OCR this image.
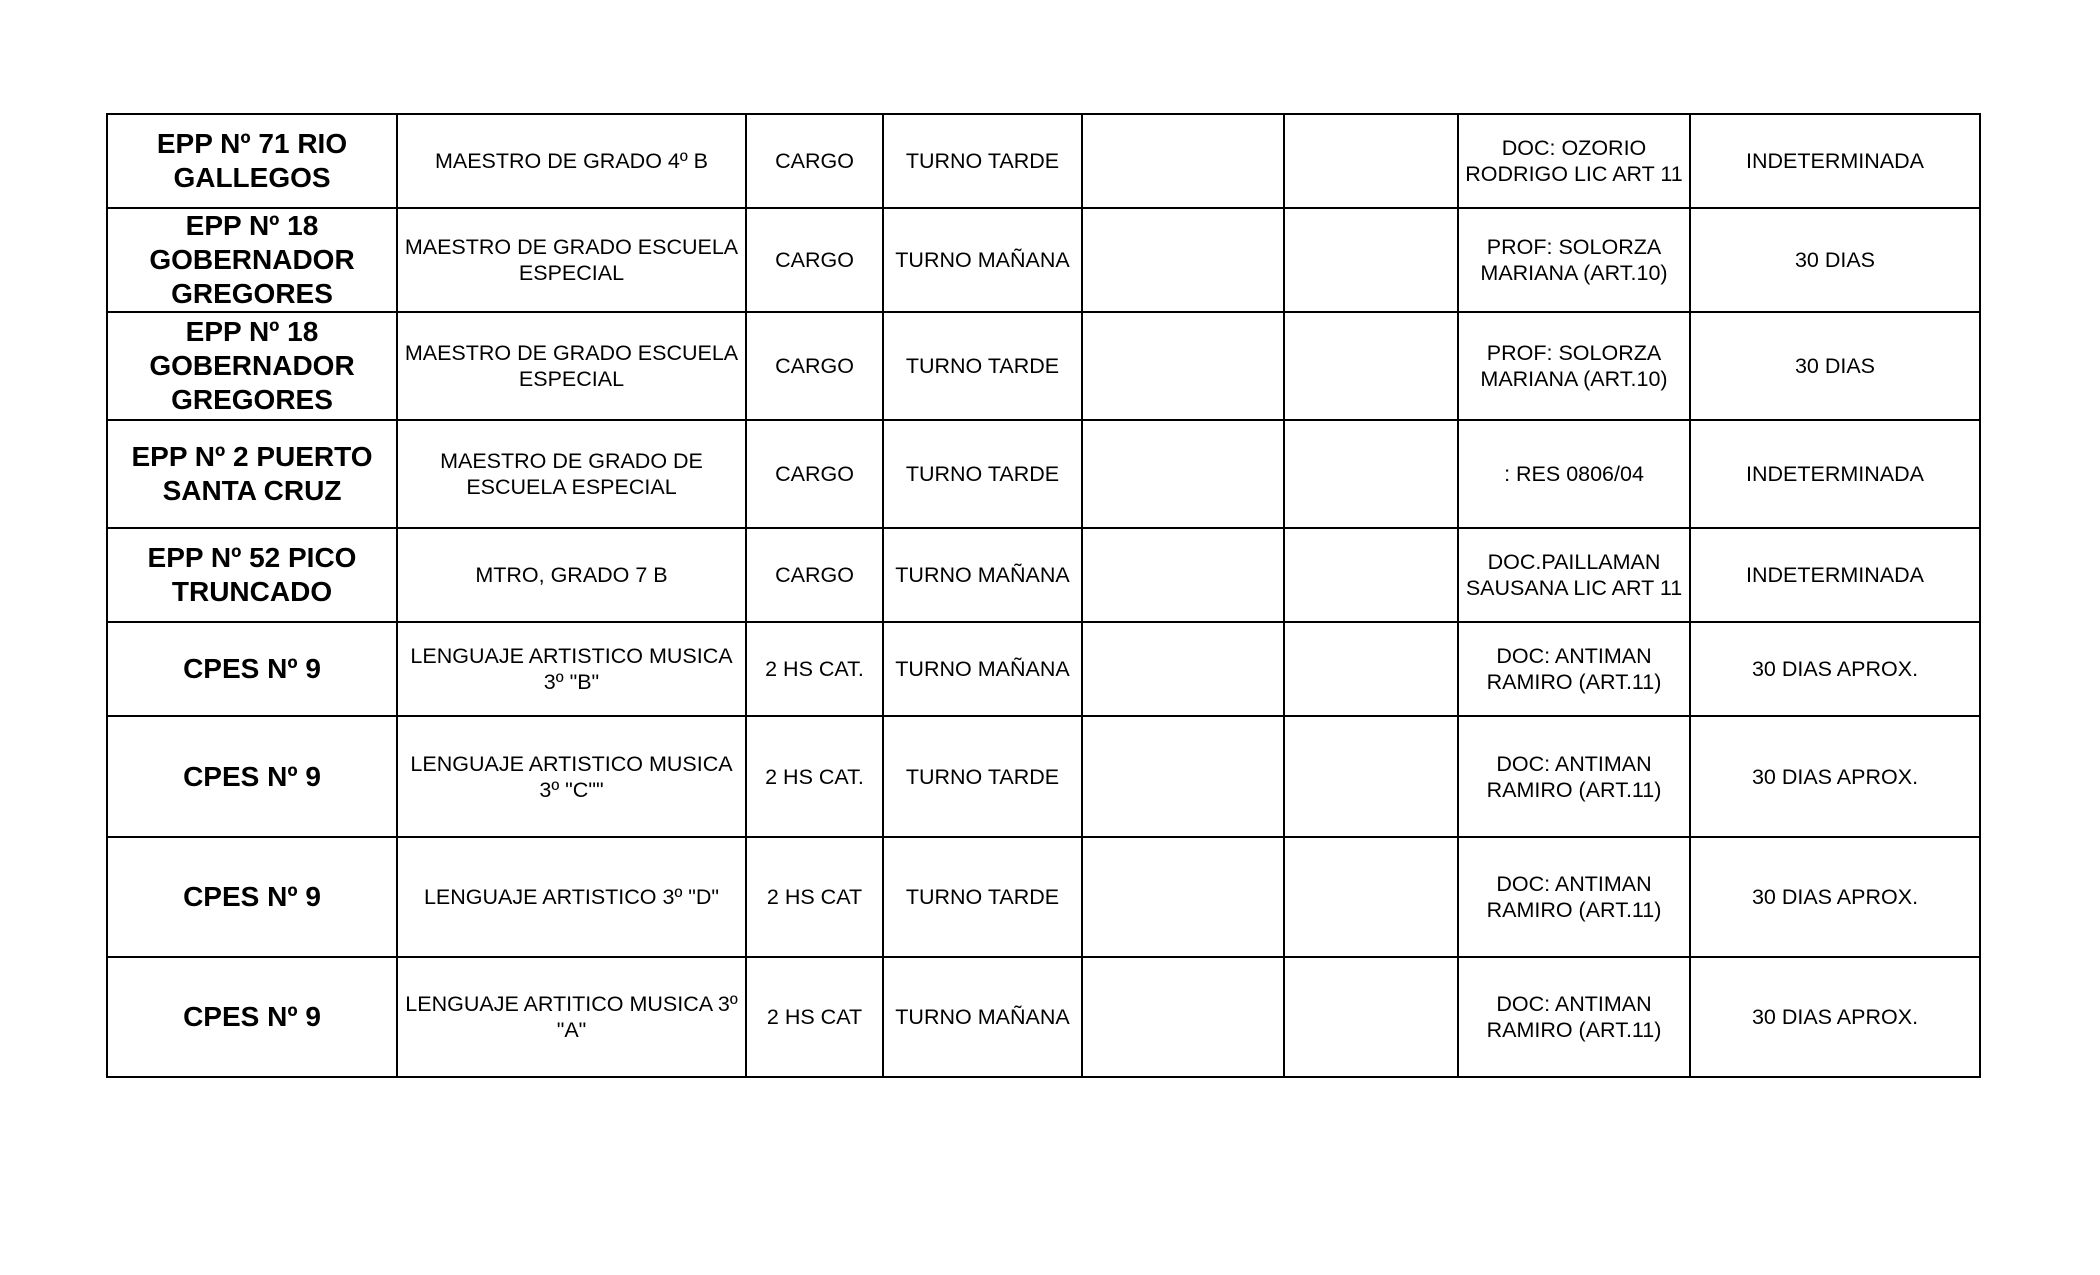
EPP Nº 71 RIO GALLEGOS	MAESTRO DE GRADO 4º B	CARGO	TURNO TARDE			DOC: OZORIO RODRIGO LIC ART 11	INDETERMINADA
EPP Nº 18 GOBERNADOR GREGORES	MAESTRO DE GRADO ESCUELA ESPECIAL	CARGO	TURNO MAÑANA			PROF: SOLORZA MARIANA (ART.10)	30 DIAS
EPP Nº 18 GOBERNADOR GREGORES	MAESTRO DE GRADO ESCUELA ESPECIAL	CARGO	TURNO TARDE			PROF: SOLORZA MARIANA (ART.10)	30 DIAS
EPP Nº 2 PUERTO SANTA CRUZ	MAESTRO DE GRADO DE ESCUELA ESPECIAL	CARGO	TURNO TARDE			: RES 0806/04	INDETERMINADA
EPP Nº 52 PICO TRUNCADO	MTRO, GRADO 7 B	CARGO	TURNO MAÑANA			DOC.PAILLAMAN SAUSANA LIC ART 11	INDETERMINADA
CPES Nº 9	LENGUAJE ARTISTICO MUSICA 3º "B"	2 HS CAT.	TURNO MAÑANA			DOC: ANTIMAN RAMIRO (ART.11)	30 DIAS APROX.
CPES Nº 9	LENGUAJE ARTISTICO MUSICA 3º "C""	2 HS CAT.	TURNO TARDE			DOC: ANTIMAN RAMIRO (ART.11)	30 DIAS APROX.
CPES Nº 9	LENGUAJE ARTISTICO 3º "D"	2 HS CAT	TURNO TARDE			DOC: ANTIMAN RAMIRO (ART.11)	30 DIAS APROX.
CPES Nº 9	LENGUAJE ARTITICO MUSICA 3º "A"	2 HS CAT	TURNO MAÑANA			DOC: ANTIMAN RAMIRO (ART.11)	30 DIAS APROX.
